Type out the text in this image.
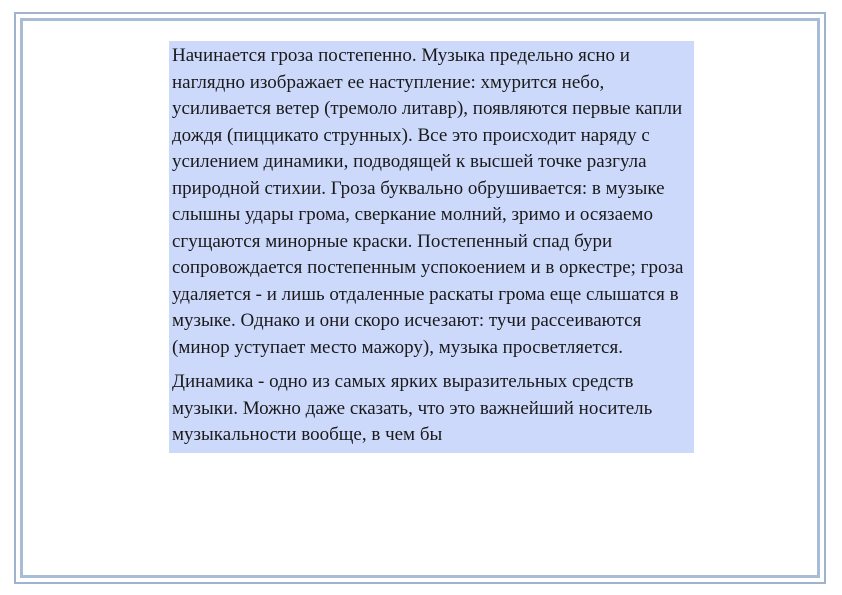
Начинается гроза постепенно. Музыка предельно ясно и наглядно изображает ее наступление: хмурится небо, усиливается ветер (тремоло литавр), появляются первые капли дождя (пиццикато струнных). Все это происходит наряду с усилением динамики, подводящей к высшей точке разгула природной стихии. Гроза буквально обрушивается: в музыке слышны удары грома, сверкание молний, зримо и осязаемо сгущаются минорные краски. Постепенный спад бури сопровождается постепенным успокоением и в оркестре; гроза удаляется - и лишь отдаленные раскаты грома еще слышатся в музыке. Однако и они скоро исчезают: тучи рассеиваются (минор уступает место мажору), музыка просветляется.

Динамика - одно из самых ярких выразительных средств музыки. Можно даже сказать, что это важнейший носитель музыкальности вообще, в чем бы
